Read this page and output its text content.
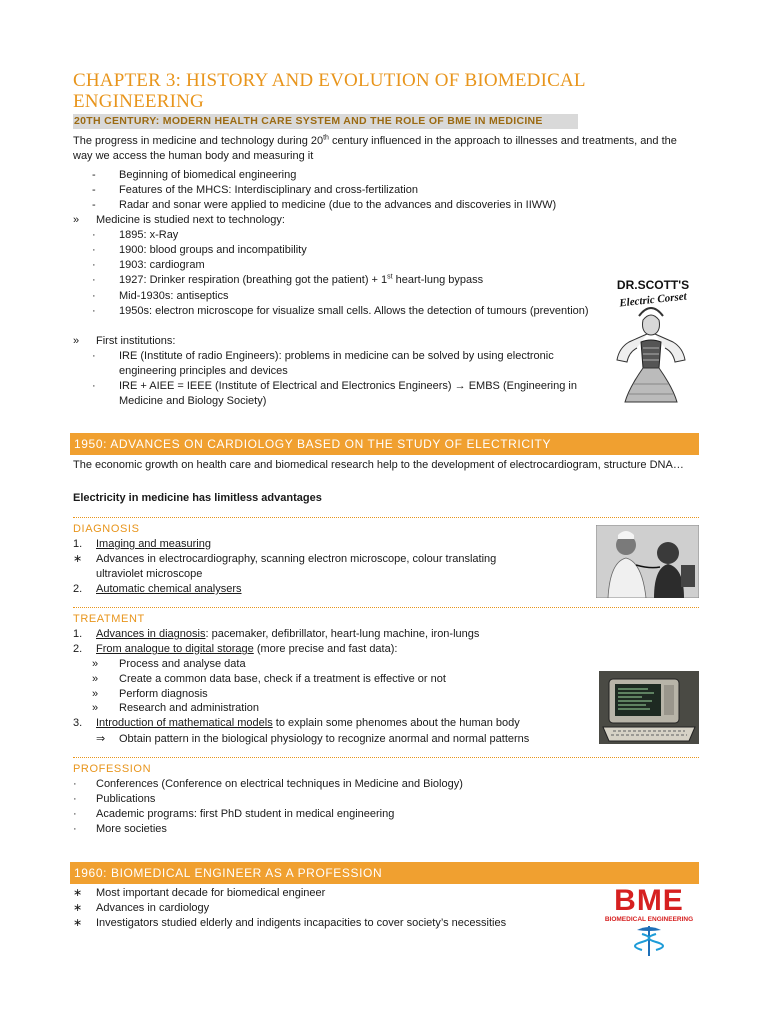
CHAPTER 3: HISTORY AND EVOLUTION OF BIOMEDICAL ENGINEERING
20TH CENTURY: MODERN HEALTH CARE SYSTEM AND THE ROLE OF BME IN MEDICINE
The progress in medicine and technology during 20th century influenced in the approach to illnesses and treatments, and the way we access the human body and measuring it
-	Beginning of biomedical engineering
-	Features of the MHCS: Interdisciplinary and cross-fertilization
-	Radar and sonar were applied to medicine (due to the advances and discoveries in IIWW)
»	Medicine is studied next to technology:
·	1895: x-Ray
·	1900: blood groups and incompatibility
·	1903: cardiogram
·	1927: Drinker respiration (breathing got the patient) + 1st heart-lung bypass
·	Mid-1930s: antiseptics
·	1950s: electron microscope for visualize small cells. Allows the detection of tumours (prevention)
»	First institutions:
·	IRE (Institute of radio Engineers): problems in medicine can be solved by using electronic engineering principles and devices
·	IRE + AIEE = IEEE (Institute of Electrical and Electronics Engineers) → EMBS (Engineering in Medicine and Biology Society)
DR.SCOTT'S
Electric Corset
1950: ADVANCES ON CARDIOLOGY BASED ON THE STUDY OF ELECTRICITY
The economic growth on health care and biomedical research help to the development of electrocardiogram, structure DNA…
Electricity in medicine has limitless advantages
DIAGNOSIS
1.	Imaging and measuring
∗	Advances in electrocardiography, scanning electron microscope, colour translating ultraviolet microscope
2.	Automatic chemical analysers
TREATMENT
1.	Advances in diagnosis: pacemaker, defibrillator, heart-lung machine, iron-lungs
2.	From analogue to digital storage (more precise and fast data):
»	Process and analyse data
»	Create a common data base, check if a treatment is effective or not
»	Perform diagnosis
»	Research and administration
3.	Introduction of mathematical models to explain some phenomes about the human body
⇒	Obtain pattern in the biological physiology to recognize anormal and normal patterns
PROFESSION
·	Conferences (Conference on electrical techniques in Medicine and Biology)
·	Publications
·	Academic programs: first PhD student in medical engineering
·	More societies
1960: BIOMEDICAL ENGINEER AS A PROFESSION
∗	Most important decade for biomedical engineer
∗	Advances in cardiology
∗	Investigators studied elderly and indigents incapacities to cover society’s necessities
BME
BIOMEDICAL ENGINEERING
